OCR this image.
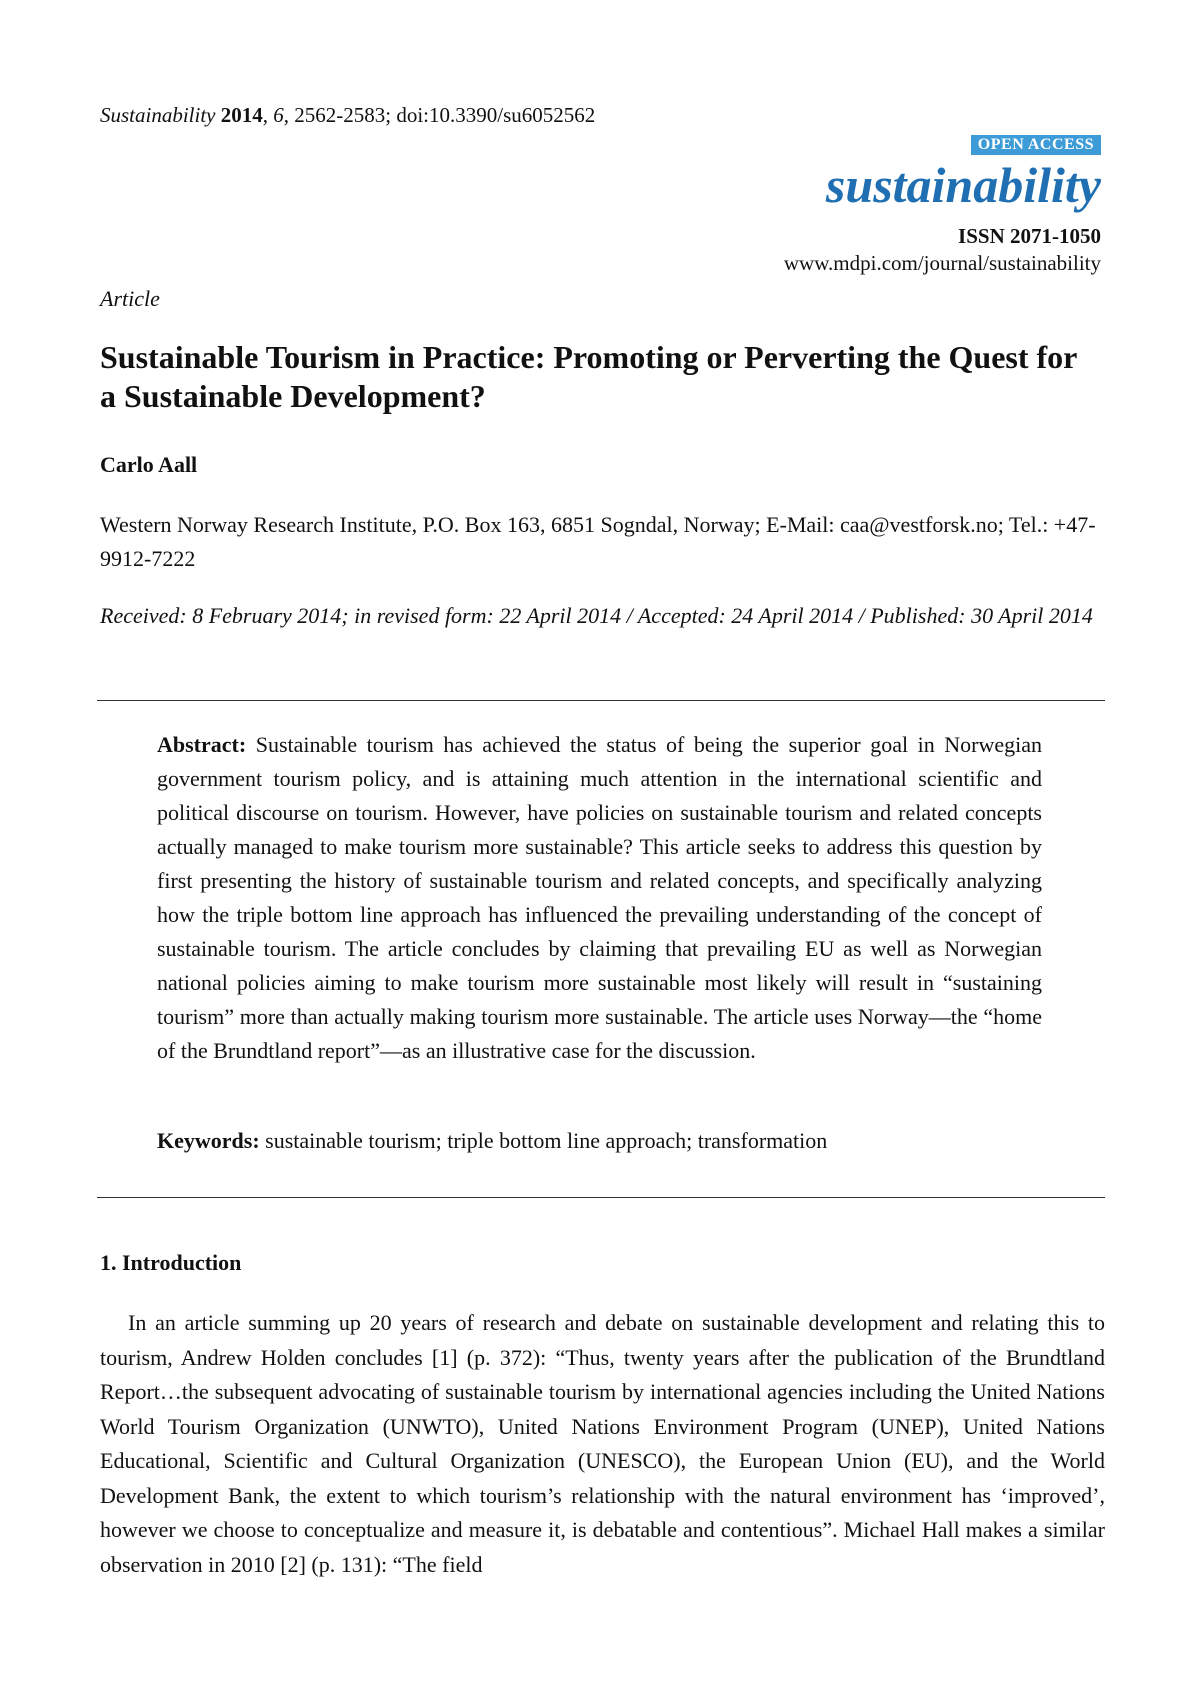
Sustainability 2014, 6, 2562-2583; doi:10.3390/su6052562
OPEN ACCESS
sustainability
ISSN 2071-1050
www.mdpi.com/journal/sustainability
Article
Sustainable Tourism in Practice: Promoting or Perverting the Quest for a Sustainable Development?
Carlo Aall
Western Norway Research Institute, P.O. Box 163, 6851 Sogndal, Norway; E-Mail: caa@vestforsk.no; Tel.: +47-9912-7222
Received: 8 February 2014; in revised form: 22 April 2014 / Accepted: 24 April 2014 / Published: 30 April 2014

Abstract: Sustainable tourism has achieved the status of being the superior goal in Norwegian government tourism policy, and is attaining much attention in the international scientific and political discourse on tourism. However, have policies on sustainable tourism and related concepts actually managed to make tourism more sustainable? This article seeks to address this question by first presenting the history of sustainable tourism and related concepts, and specifically analyzing how the triple bottom line approach has influenced the prevailing understanding of the concept of sustainable tourism. The article concludes by claiming that prevailing EU as well as Norwegian national policies aiming to make tourism more sustainable most likely will result in “sustaining tourism” more than actually making tourism more sustainable. The article uses Norway—the “home of the Brundtland report”—as an illustrative case for the discussion.

Keywords: sustainable tourism; triple bottom line approach; transformation

1. Introduction

In an article summing up 20 years of research and debate on sustainable development and relating this to tourism, Andrew Holden concludes [1] (p. 372): “Thus, twenty years after the publication of the Brundtland Report…the subsequent advocating of sustainable tourism by international agencies including the United Nations World Tourism Organization (UNWTO), United Nations Environment Program (UNEP), United Nations Educational, Scientific and Cultural Organization (UNESCO), the European Union (EU), and the World Development Bank, the extent to which tourism’s relationship with the natural environment has ‘improved’, however we choose to conceptualize and measure it, is debatable and contentious”. Michael Hall makes a similar observation in 2010 [2] (p. 131): “The field
